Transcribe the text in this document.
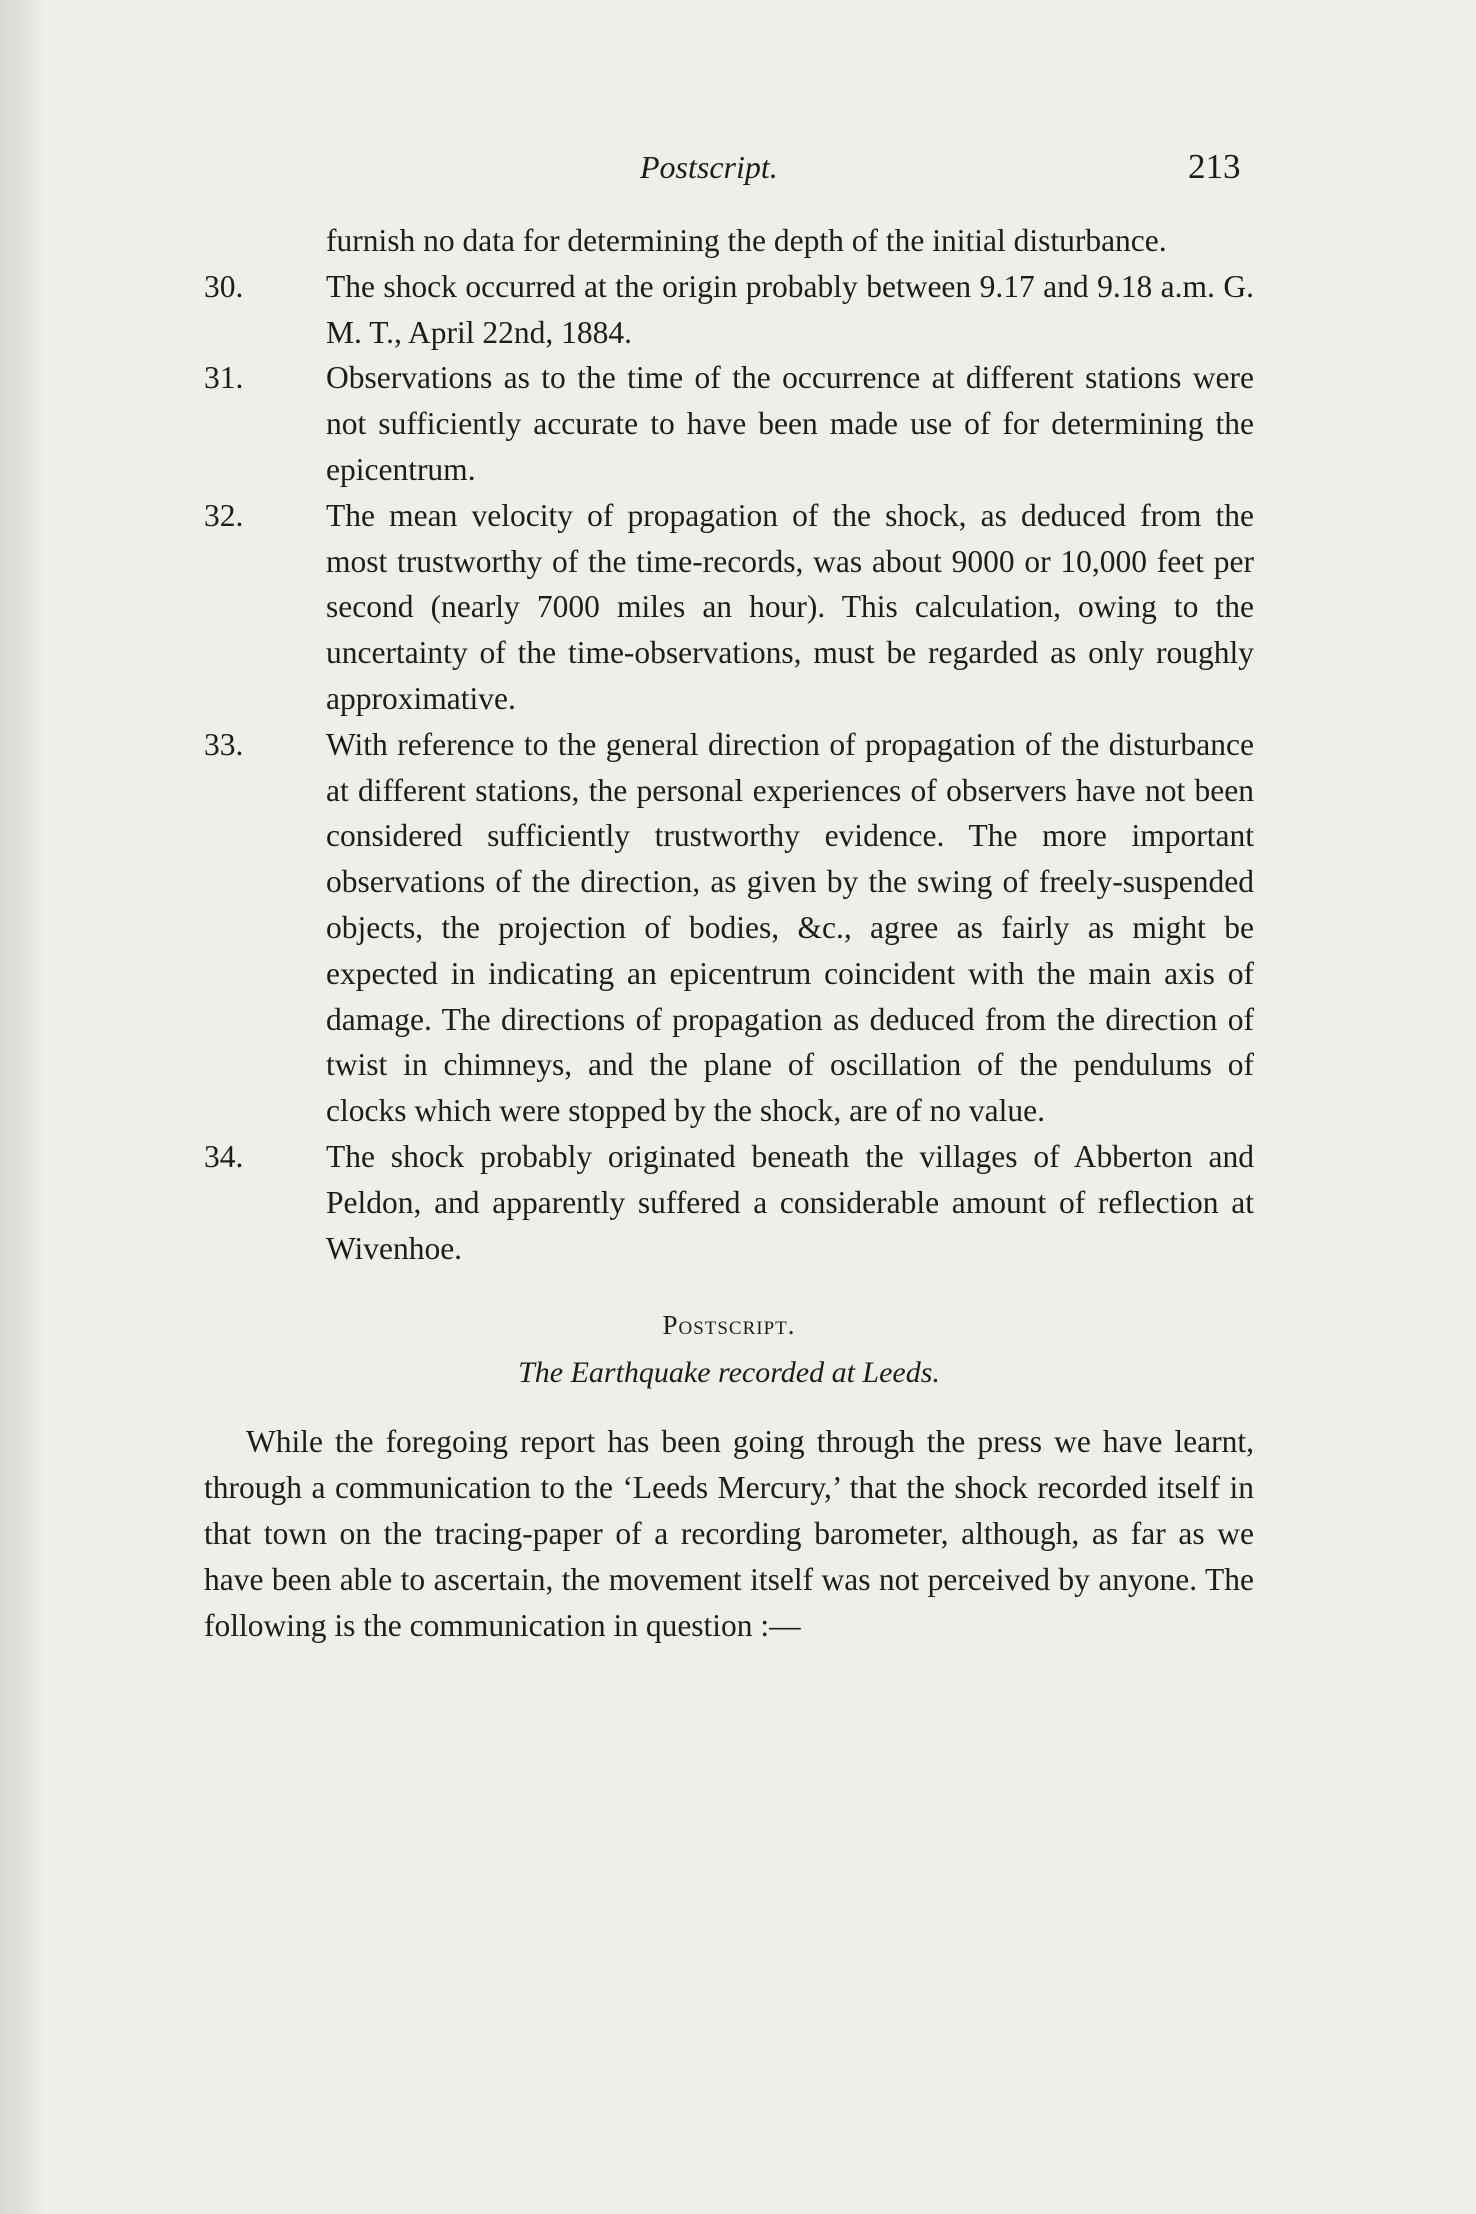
Postscript.	213

furnish no data for determining the depth of the initial disturbance.

30.	The shock occurred at the origin probably between 9.17 and 9.18 a.m. G. M. T., April 22nd, 1884.

31.	Observations as to the time of the occurrence at different stations were not sufficiently accurate to have been made use of for determining the epicentrum.

32.	The mean velocity of propagation of the shock, as deduced from the most trustworthy of the time-records, was about 9000 or 10,000 feet per second (nearly 7000 miles an hour). This calculation, owing to the uncertainty of the time-observations, must be regarded as only roughly approximative.

33.	With reference to the general direction of propagation of the disturbance at different stations, the personal experiences of observers have not been considered sufficiently trustworthy evidence. The more important observations of the direction, as given by the swing of freely-suspended objects, the projection of bodies, &c., agree as fairly as might be expected in indicating an epicentrum coincident with the main axis of damage. The directions of propagation as deduced from the direction of twist in chimneys, and the plane of oscillation of the pendulums of clocks which were stopped by the shock, are of no value.

34.	The shock probably originated beneath the villages of Abberton and Peldon, and apparently suffered a considerable amount of reflection at Wivenhoe.

Postscript.

The Earthquake recorded at Leeds.

While the foregoing report has been going through the press we have learnt, through a communication to the ‘Leeds Mercury,’ that the shock recorded itself in that town on the tracing-paper of a recording barometer, although, as far as we have been able to ascertain, the movement itself was not perceived by anyone. The following is the communication in question :—
